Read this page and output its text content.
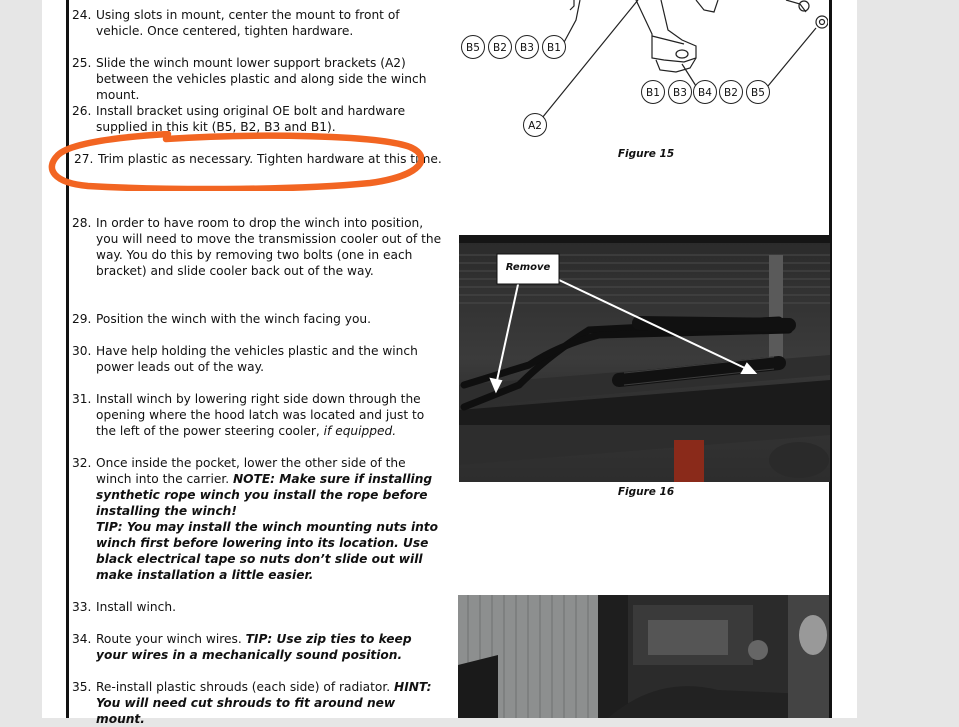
24. Using slots in mount, center the mount to front of vehicle. Once centered, tighten hardware.
25. Slide the winch mount lower support brackets (A2) between the vehicles plastic and along side the winch mount.
26. Install bracket using original OE bolt and hardware supplied in this kit (B5, B2, B3 and B1).
27. Trim plastic as necessary. Tighten hardware at this time.
28. In order to have room to drop the winch into position, you will need to move the transmission cooler out of the way. You do this by removing two bolts (one in each bracket) and slide cooler back out of the way.
29. Position the winch with the winch facing you.
30. Have help holding the vehicles plastic and the winch power leads out of the way.
31. Install winch by lowering right side down through the opening where the hood latch was located and just to the left of the power steering cooler, if equipped.
32. Once inside the pocket, lower the other side of the winch into the carrier. NOTE: Make sure if installing synthetic rope winch you install the rope before installing the winch!
TIP: You may install the winch mounting nuts into winch first before lowering into its location. Use black electrical tape so nuts don’t slide out will make installation a little easier.
33. Install winch.
34. Route your winch wires. TIP: Use zip ties to keep your wires in a mechanically sound position.
35. Re-install plastic shrouds (each side) of radiator. HINT: You will need cut shrouds to fit around new mount.
B5 B2 B3 B1
B1 B3 B4 B2 B5
A2
Figure 15
Remove
Figure 16
